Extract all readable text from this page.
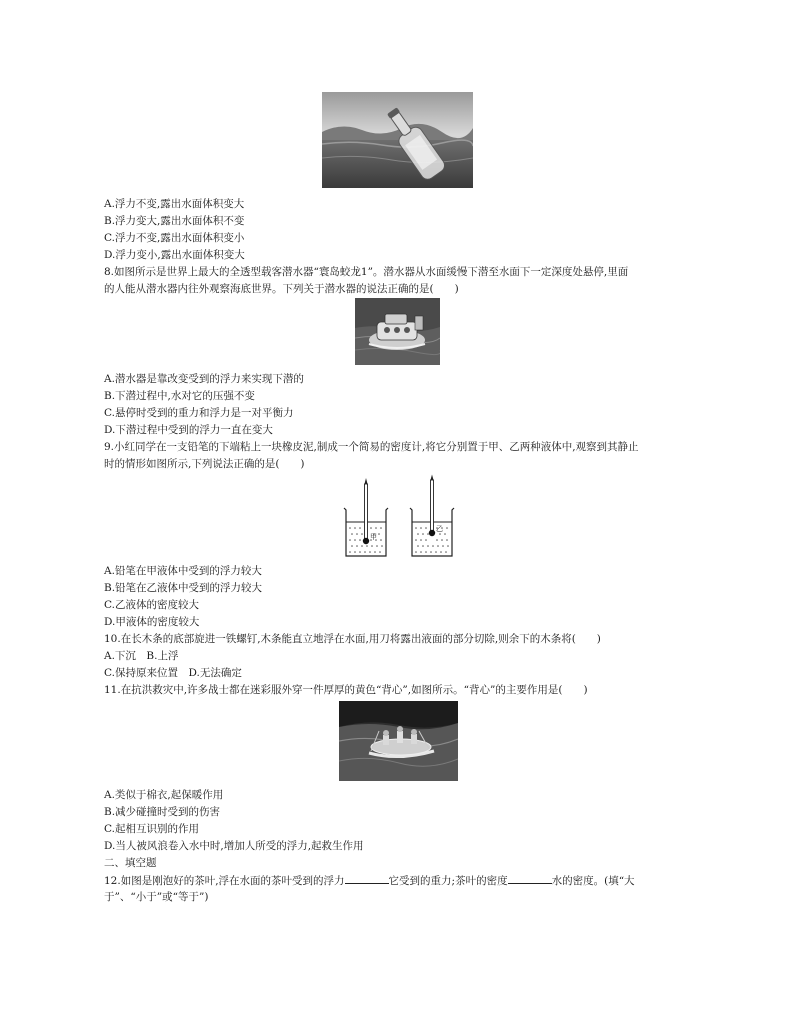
A.浮力不变,露出水面体积变大
B.浮力变大,露出水面体积不变
C.浮力不变,露出水面体积变小
D.浮力变小,露出水面体积变大
8.如图所示是世界上最大的全透型载客潜水器“寰岛蛟龙1”。潜水器从水面缓慢下潜至水面下一定深度处悬停,里面
的人能从潜水器内往外观察海底世界。下列关于潜水器的说法正确的是(　　)
A.潜水器是靠改变受到的浮力来实现下潜的
B.下潜过程中,水对它的压强不变
C.悬停时受到的重力和浮力是一对平衡力
D.下潜过程中受到的浮力一直在变大
9.小红同学在一支铅笔的下端粘上一块橡皮泥,制成一个简易的密度计,将它分别置于甲、乙两种液体中,观察到其静止
时的情形如图所示,下列说法正确的是(　　)
甲
乙
A.铅笔在甲液体中受到的浮力较大
B.铅笔在乙液体中受到的浮力较大
C.乙液体的密度较大
D.甲液体的密度较大
10.在长木条的底部旋进一铁螺钉,木条能直立地浮在水面,用刀将露出液面的部分切除,则余下的木条将(　　)
A.下沉　B.上浮
C.保持原来位置　D.无法确定
11.在抗洪救灾中,许多战士都在迷彩服外穿一件厚厚的黄色“背心”,如图所示。“背心”的主要作用是(　　)
A.类似于棉衣,起保暖作用
B.减少碰撞时受到的伤害
C.起相互识别的作用
D.当人被风浪卷入水中时,增加人所受的浮力,起救生作用
二、填空题
12.如图是刚泡好的茶叶,浮在水面的茶叶受到的浮力	它受到的重力;茶叶的密度	水的密度。(填“大
于”、“小于”或“等于”)
